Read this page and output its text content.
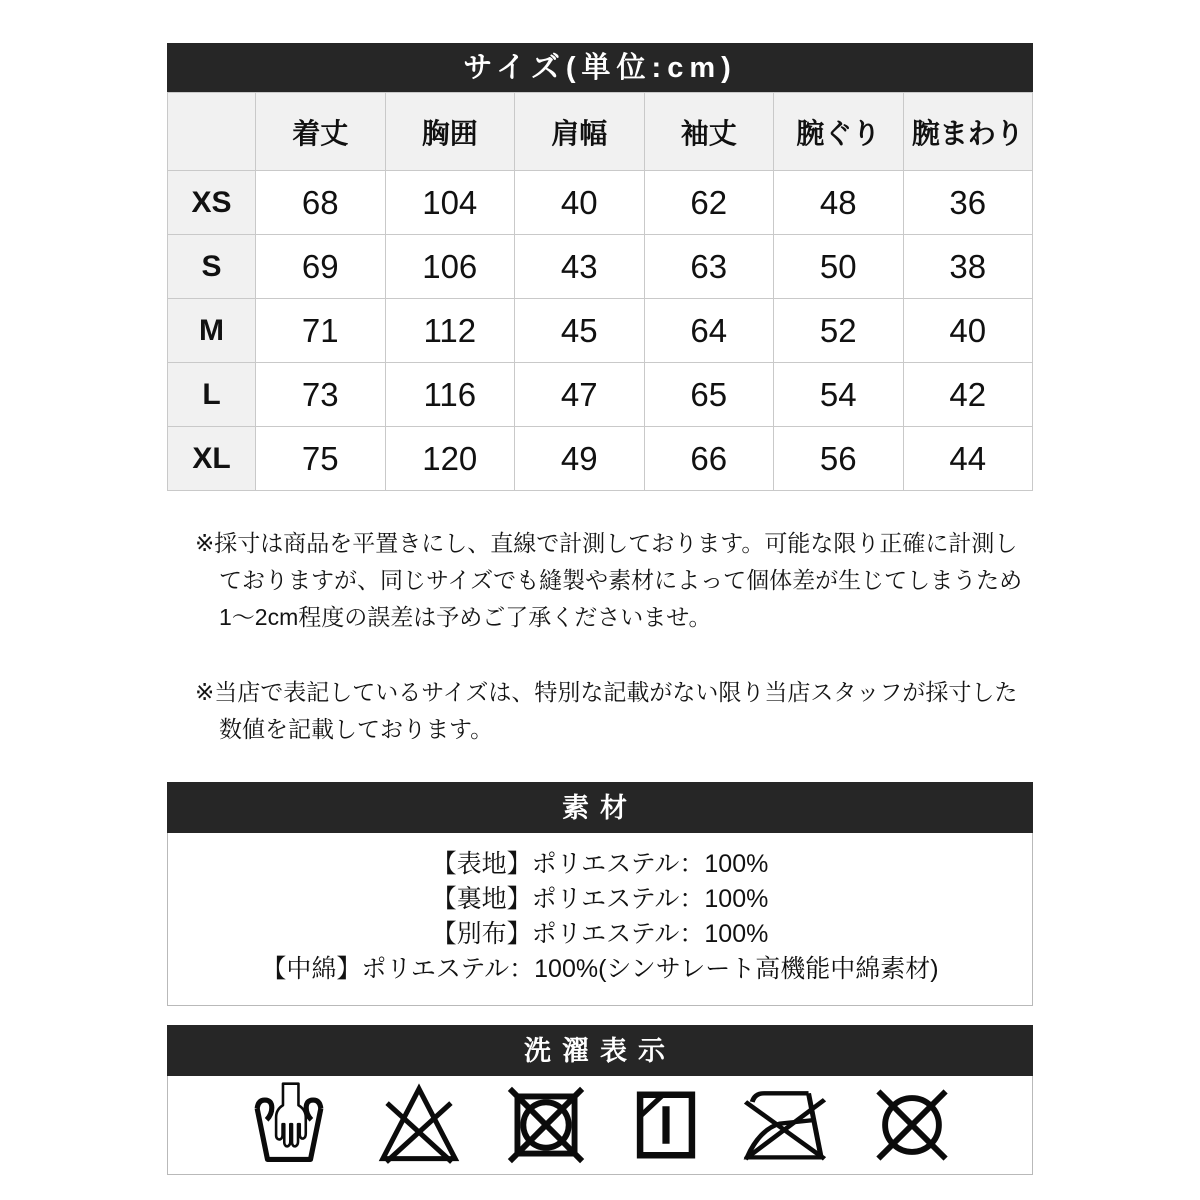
サイズ(単位:cm)
	着丈	胸囲	肩幅	袖丈	腕ぐり	腕まわり
XS	68	104	40	62	48	36
S	69	106	43	63	50	38
M	71	112	45	64	52	40
L	73	116	47	65	54	42
XL	75	120	49	66	56	44
※採寸は商品を平置きにし、直線で計測しております。可能な限り正確に計測し
ておりますが、同じサイズでも縫製や素材によって個体差が生じてしまうため
1〜2cm程度の誤差は予めご了承くださいませ。
※当店で表記しているサイズは、特別な記載がない限り当店スタッフが採寸した
数値を記載しております。
素材
【表地】ポリエステル：100%
【裏地】ポリエステル：100%
【別布】ポリエステル：100%
【中綿】ポリエステル：100%(シンサレート高機能中綿素材)
洗濯表示
